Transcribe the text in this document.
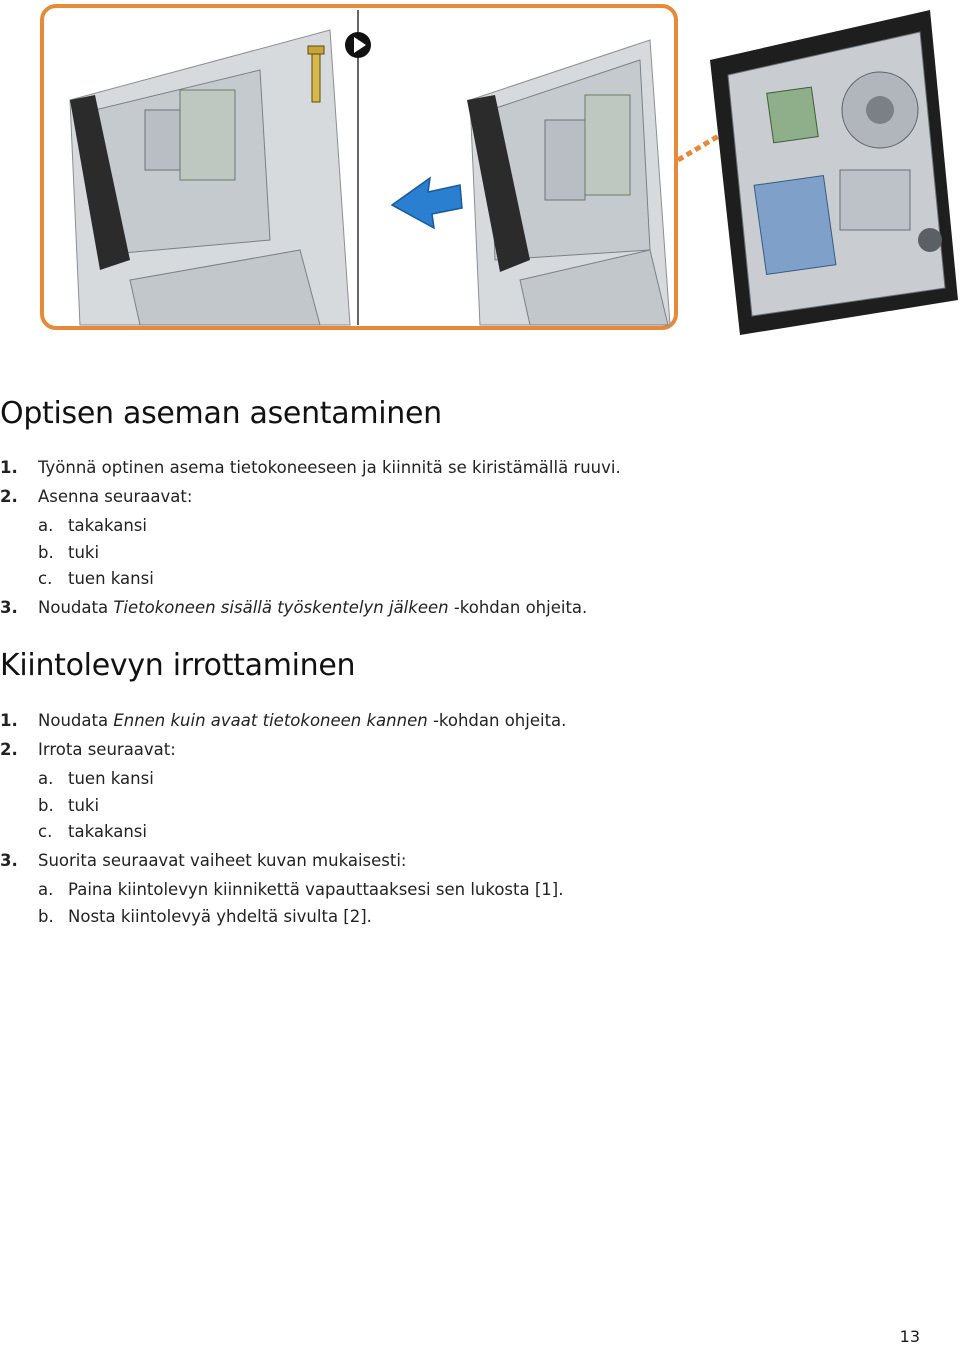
Optisen aseman asentaminen
1. Työnnä optinen asema tietokoneeseen ja kiinnitä se kiristämällä ruuvi.
2. Asenna seuraavat:
a. takakansi
b. tuki
c. tuen kansi
3. Noudata Tietokoneen sisällä työskentelyn jälkeen -kohdan ohjeita.
Kiintolevyn irrottaminen
1. Noudata Ennen kuin avaat tietokoneen kannen -kohdan ohjeita.
2. Irrota seuraavat:
a. tuen kansi
b. tuki
c. takakansi
3. Suorita seuraavat vaiheet kuvan mukaisesti:
a. Paina kiintolevyn kiinnikettä vapauttaaksesi sen lukosta [1].
b. Nosta kiintolevyä yhdeltä sivulta [2].
13
